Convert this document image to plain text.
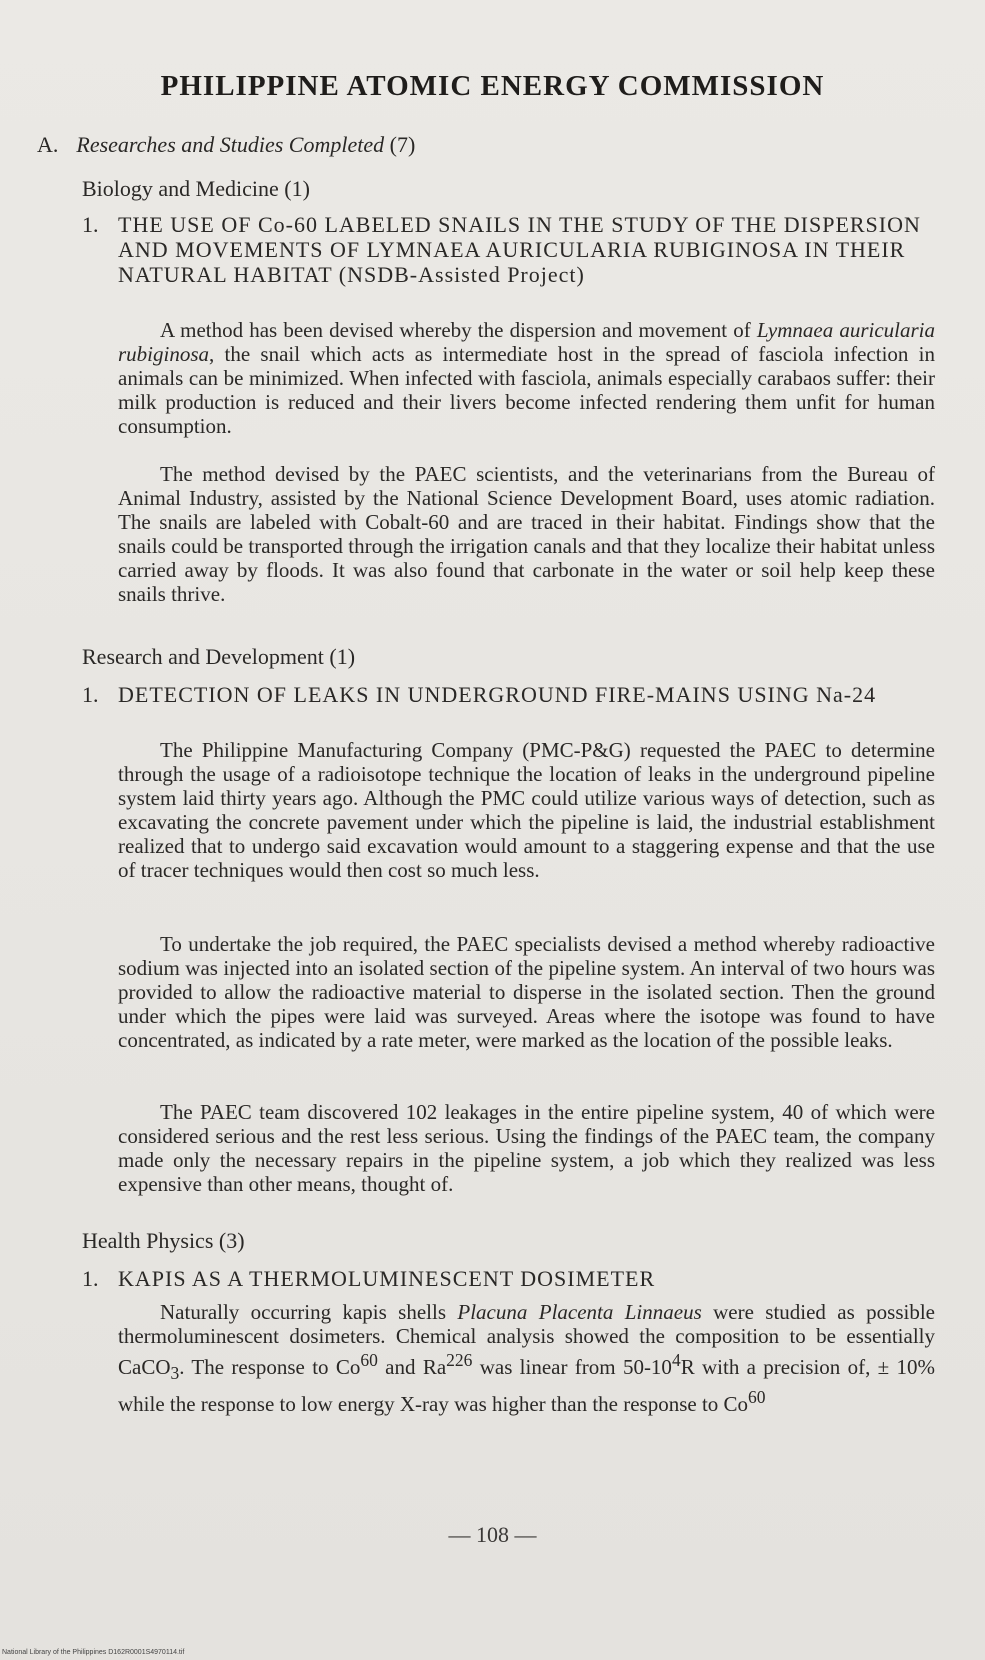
PHILIPPINE ATOMIC ENERGY COMMISSION
A. Researches and Studies Completed (7)
Biology and Medicine (1)
1. THE USE OF Co-60 LABELED SNAILS IN THE STUDY OF THE DISPERSION AND MOVEMENTS OF LYMNAEA AURICULARIA RUBIGINOSA IN THEIR NATURAL HABITAT (NSDB-Assisted Project)
A method has been devised whereby the dispersion and movement of Lymnaea auricularia rubiginosa, the snail which acts as intermediate host in the spread of fasciola infection in animals can be minimized. When infected with fasciola, animals especially carabaos suffer: their milk production is reduced and their livers become infected rendering them unfit for human consumption.
The method devised by the PAEC scientists, and the veterinarians from the Bureau of Animal Industry, assisted by the National Science Development Board, uses atomic radiation. The snails are labeled with Cobalt-60 and are traced in their habitat. Findings show that the snails could be transported through the irrigation canals and that they localize their habitat unless carried away by floods. It was also found that carbonate in the water or soil help keep these snails thrive.
Research and Development (1)
1. DETECTION OF LEAKS IN UNDERGROUND FIRE-MAINS USING Na-24
The Philippine Manufacturing Company (PMC-P&G) requested the PAEC to determine through the usage of a radioisotope technique the location of leaks in the underground pipeline system laid thirty years ago. Although the PMC could utilize various ways of detection, such as excavating the concrete pavement under which the pipeline is laid, the industrial establishment realized that to undergo said excavation would amount to a staggering expense and that the use of tracer techniques would then cost so much less.
To undertake the job required, the PAEC specialists devised a method whereby radioactive sodium was injected into an isolated section of the pipeline system. An interval of two hours was provided to allow the radioactive material to disperse in the isolated section. Then the ground under which the pipes were laid was surveyed. Areas where the isotope was found to have concentrated, as indicated by a rate meter, were marked as the location of the possible leaks.
The PAEC team discovered 102 leakages in the entire pipeline system, 40 of which were considered serious and the rest less serious. Using the findings of the PAEC team, the company made only the necessary repairs in the pipeline system, a job which they realized was less expensive than other means, thought of.
Health Physics (3)
1. KAPIS AS A THERMOLUMINESCENT DOSIMETER
Naturally occurring kapis shells Placuna Placenta Linnaeus were studied as possible thermoluminescent dosimeters. Chemical analysis showed the composition to be essentially CaCO$_3$. The response to Co$^{60}$ and Ra$^{226}$ was linear from $50-10^4R$ with a precision of, ± 10% while the response to low energy X-ray was higher than the response to Co$^{60}$
— 108 —
National Library of the Philippines D162R0001S4970114.tif
